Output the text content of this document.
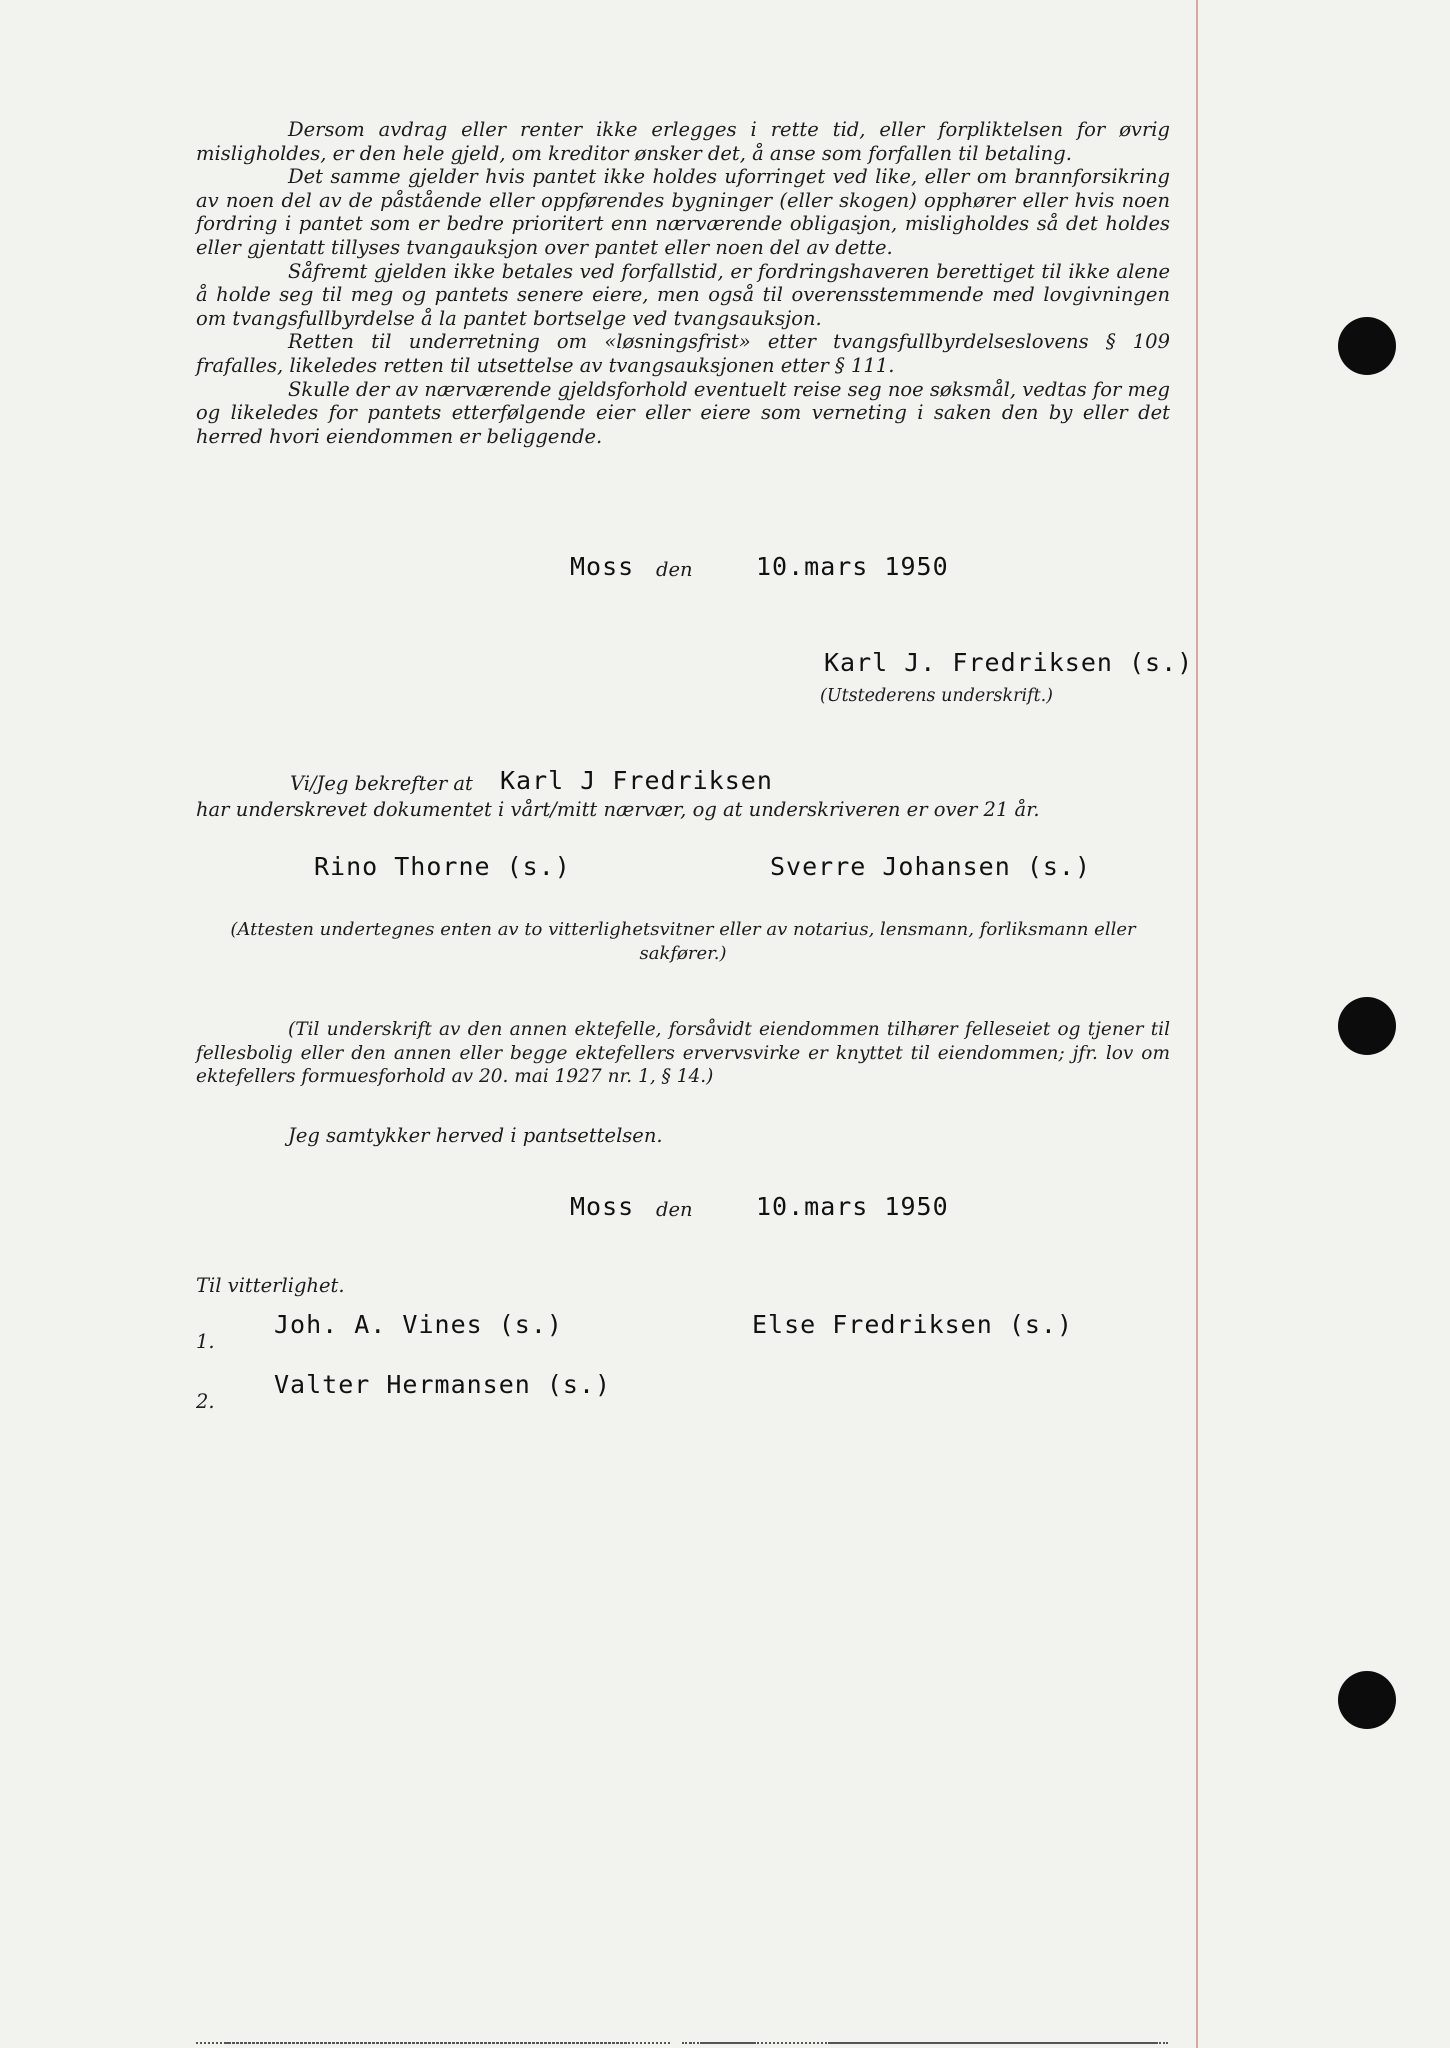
Dersom avdrag eller renter ikke erlegges i rette tid, eller forpliktelsen for øvrig misligholdes, er den hele gjeld, om kreditor ønsker det, å anse som forfallen til betaling.

Det samme gjelder hvis pantet ikke holdes uforringet ved like, eller om brannforsikring av noen del av de påstående eller oppførendes bygninger (eller skogen) opphører eller hvis noen fordring i pantet som er bedre prioritert enn nærværende obligasjon, misligholdes så det holdes eller gjentatt tillyses tvangauksjon over pantet eller noen del av dette.

Såfremt gjelden ikke betales ved forfallstid, er fordringshaveren berettiget til ikke alene å holde seg til meg og pantets senere eiere, men også til overensstemmende med lovgivningen om tvangsfullbyrdelse å la pantet bortselge ved tvangsauksjon.

Retten til underretning om «løsningsfrist» etter tvangsfullbyrdelseslovens § 109 frafalles, likeledes retten til utsettelse av tvangsauksjonen etter § 111.

Skulle der av nærværende gjeldsforhold eventuelt reise seg noe søksmål, vedtas for meg og likeledes for pantets etterfølgende eier eller eiere som verneting i saken den by eller det herred hvori eiendommen er beliggende.

Moss den	10.mars 1950
Karl J. Fredriksen (s.)
(Utstederens underskrift.)
Vi/Jeg bekrefter at Karl J Fredriksen
har underskrevet dokumentet i vårt/mitt nærvær, og at underskriveren er over 21 år.
Rino Thorne (s.)	Sverre Johansen (s.)
(Attesten undertegnes enten av to vitterlighetsvitner eller av notarius, lensmann, forliksmann eller sakfører.)

(Til underskrift av den annen ektefelle, forsåvidt eiendommen tilhører felleseiet og tjener til fellesbolig eller den annen eller begge ektefellers ervervsvirke er knyttet til eiendommen; jfr. lov om ektefellers formuesforhold av 20. mai 1927 nr. 1, § 14.)

Jeg samtykker herved i pantsettelsen.
Moss den	10.mars 1950
Til vitterlighet.
1.
Joh. A. Vines (s.)	Else Fredriksen (s.)
2.
Valter Hermansen (s.)
